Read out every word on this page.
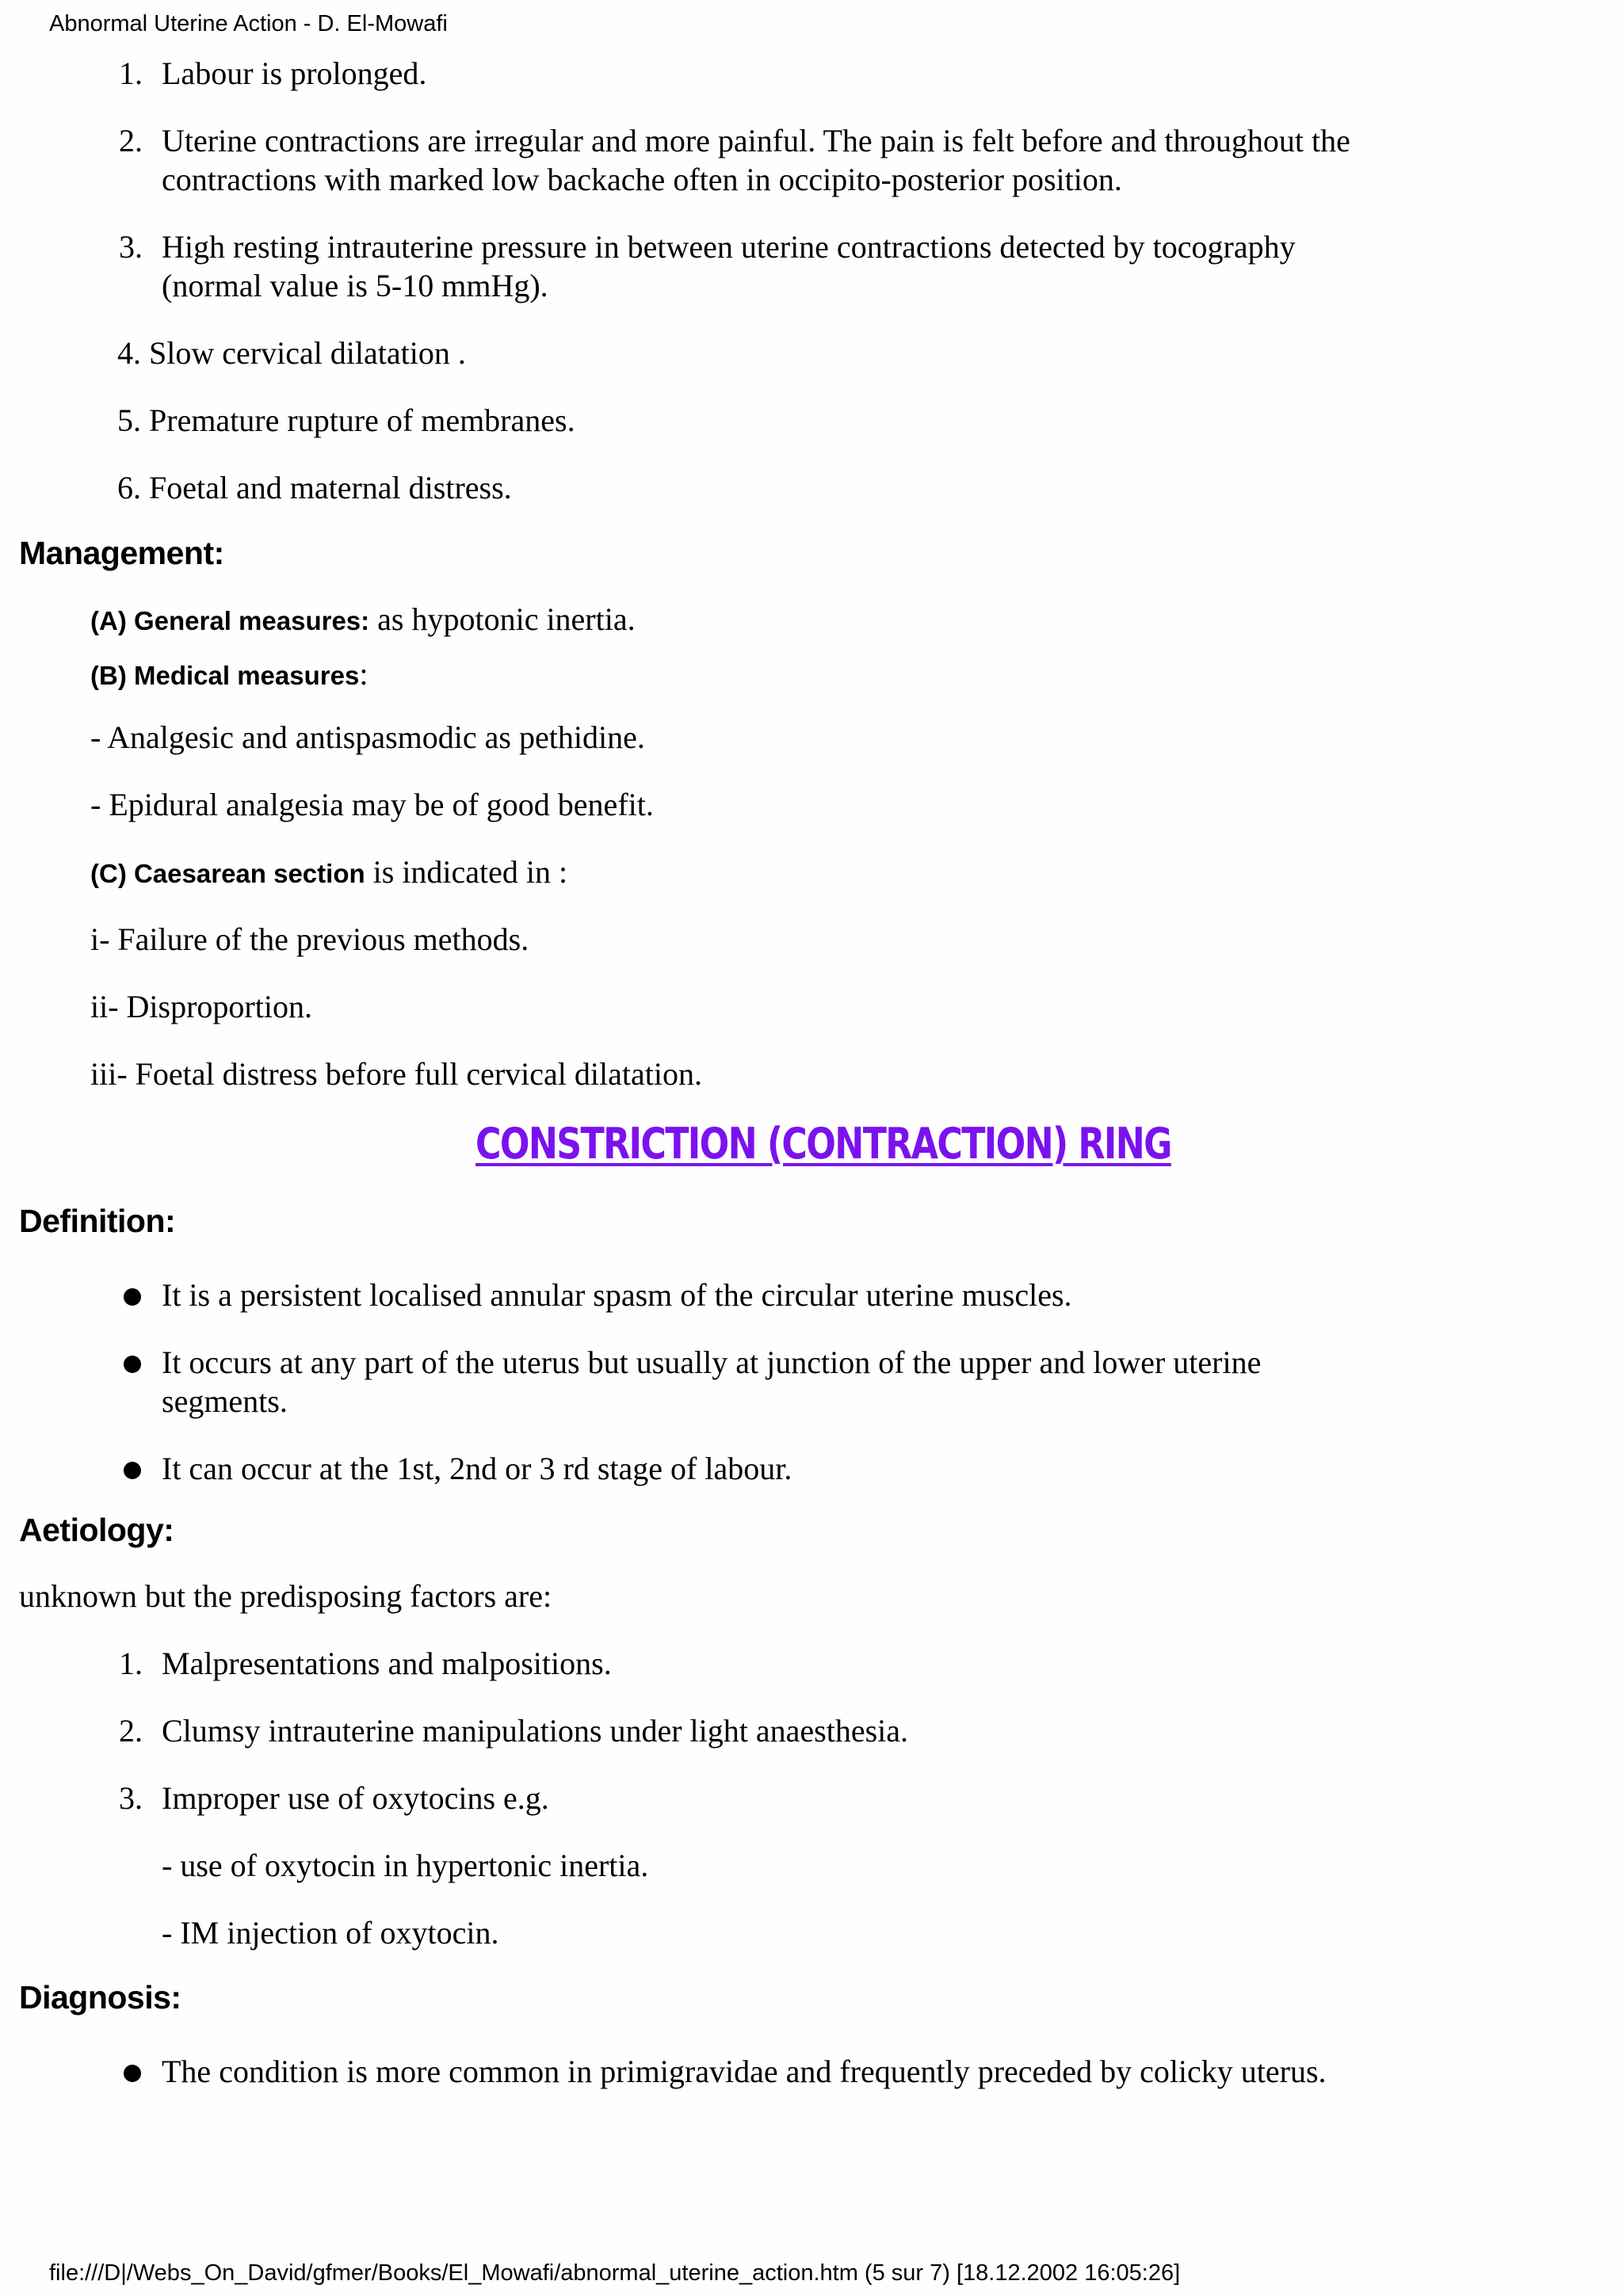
Abnormal Uterine Action - D. El-Mowafi
1. Labour is prolonged.
2. Uterine contractions are irregular and more painful. The pain is felt before and throughout the
contractions with marked low backache often in occipito-posterior position.
3. High resting intrauterine pressure in between uterine contractions detected by tocography
(normal value is 5-10 mmHg).
4. Slow cervical dilatation .
5. Premature rupture of membranes.
6. Foetal and maternal distress.
Management:
(A) General measures: as hypotonic inertia.
(B) Medical measures:
- Analgesic and antispasmodic as pethidine.
- Epidural analgesia may be of good benefit.
(C) Caesarean section is indicated in :
i- Failure of the previous methods.
ii- Disproportion.
iii- Foetal distress before full cervical dilatation.
CONSTRICTION (CONTRACTION) RING
Definition:
It is a persistent localised annular spasm of the circular uterine muscles.
It occurs at any part of the uterus but usually at junction of the upper and lower uterine
segments.
It can occur at the 1st, 2nd or 3 rd stage of labour.
Aetiology:
unknown but the predisposing factors are:
1. Malpresentations and malpositions.
2. Clumsy intrauterine manipulations under light anaesthesia.
3. Improper use of oxytocins e.g.
- use of oxytocin in hypertonic inertia.
- IM injection of oxytocin.
Diagnosis:
The condition is more common in primigravidae and frequently preceded by colicky uterus.
file:///D|/Webs_On_David/gfmer/Books/El_Mowafi/abnormal_uterine_action.htm (5 sur 7) [18.12.2002 16:05:26]
